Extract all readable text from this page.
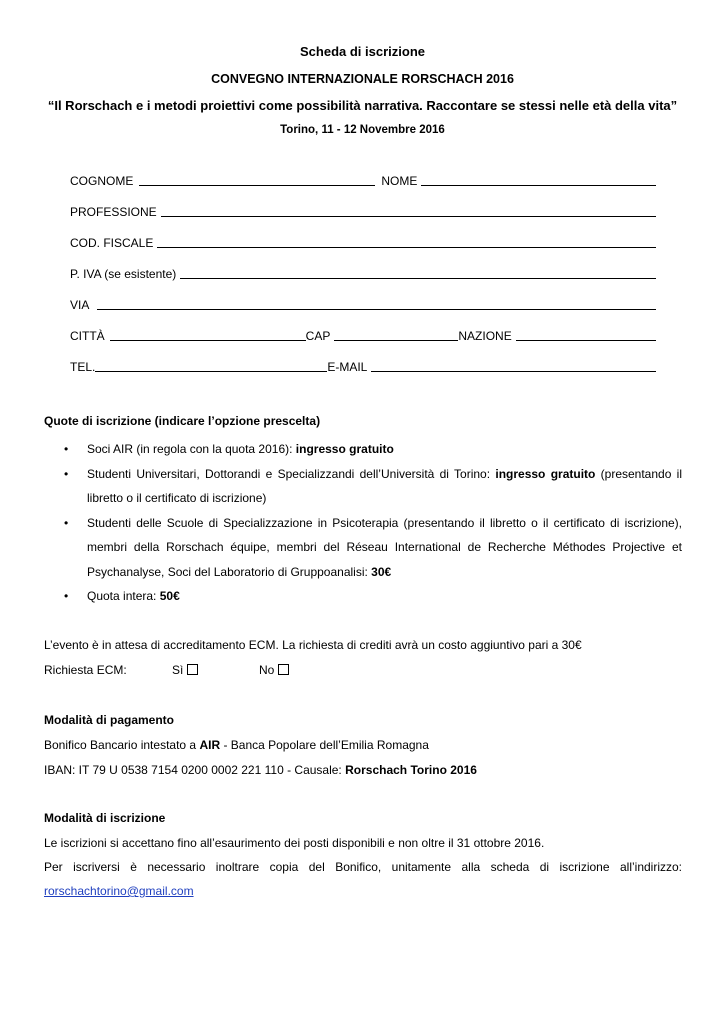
Scheda di iscrizione
CONVEGNO INTERNAZIONALE RORSCHACH 2016
“Il Rorschach e i metodi proiettivi come possibilità narrativa. Raccontare se stessi nelle età della vita”
Torino, 11 - 12 Novembre 2016
COGNOME	NOME
PROFESSIONE
COD. FISCALE
P. IVA (se esistente)
VIA
CITTÀ	CAP	NAZIONE
TEL.	E-MAIL
Quote di iscrizione (indicare l’opzione prescelta)
• Soci AIR (in regola con la quota 2016): ingresso gratuito
• Studenti Universitari, Dottorandi e Specializzandi dell’Università di Torino: ingresso gratuito (presentando il libretto o il certificato di iscrizione)
• Studenti delle Scuole di Specializzazione in Psicoterapia (presentando il libretto o il certificato di iscrizione), membri della Rorschach équipe, membri del Réseau International de Recherche Méthodes Projective et Psychanalyse, Soci del Laboratorio di Gruppoanalisi: 30€
• Quota intera: 50€
L’evento è in attesa di accreditamento ECM. La richiesta di crediti avrà un costo aggiuntivo pari a 30€
Richiesta ECM:	Sì	No
Modalità di pagamento
Bonifico Bancario intestato a AIR - Banca Popolare dell’Emilia Romagna
IBAN: IT 79 U 0538 7154 0200 0002 221 110 - Causale: Rorschach Torino 2016
Modalità di iscrizione
Le iscrizioni si accettano fino all’esaurimento dei posti disponibili e non oltre il 31 ottobre 2016.
Per iscriversi è necessario inoltrare copia del Bonifico, unitamente alla scheda di iscrizione all’indirizzo:
rorschachtorino@gmail.com
